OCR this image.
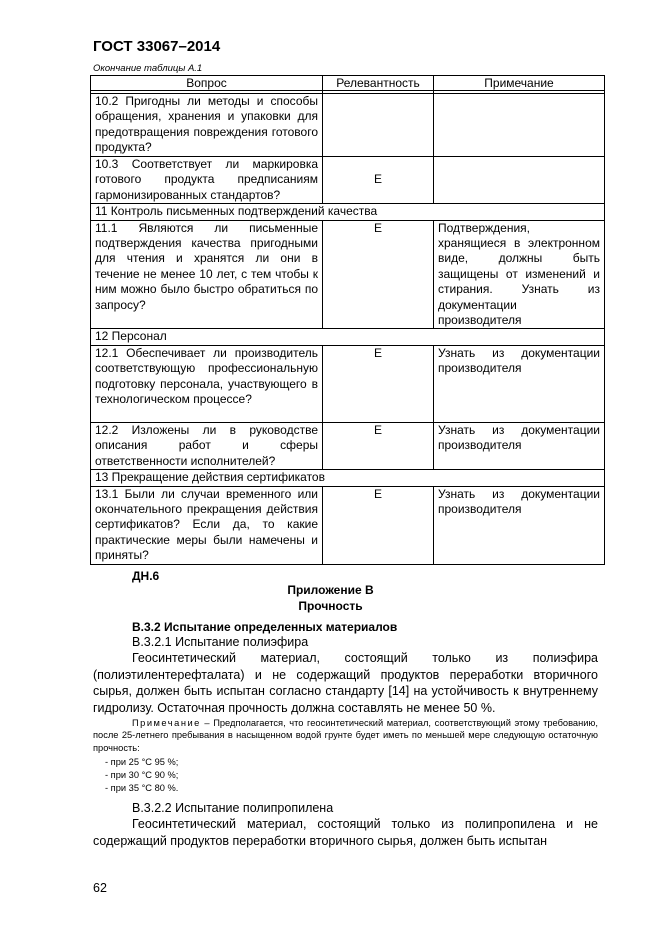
ГОСТ 33067–2014
Окончание таблицы А.1
Вопрос	Релевантность	Примечание

10.2 Пригодны ли методы и способы обращения, хранения и упаковки для предотвращения повреждения готового продукта?		
10.3 Соответствует ли маркировка готового продукта предписаниям гармонизированных стандартов?	E	
11 Контроль письменных подтверждений качества		
11.1 Являются ли письменные подтверждения качества пригодными для чтения и хранятся ли они в течение не менее 10 лет, с тем чтобы к ним можно было быстро обратиться по запросу?	E	Подтверждения, хранящиеся в электронном виде, должны быть защищены от изменений и стирания. Узнать из документации производителя
12 Персонал		
12.1 Обеспечивает ли производитель соответствующую профессиональную подготовку персонала, участвующего в технологическом процессе?	E	Узнать из документации производителя
12.2 Изложены ли в руководстве описания работ и сферы ответственности исполнителей?	E	Узнать из документации производителя
13 Прекращение действия сертификатов		
13.1 Были ли случаи временного или окончательного прекращения действия сертификатов? Если да, то какие практические меры были намечены и приняты?	E	Узнать из документации производителя
ДН.6
Приложение В
Прочность
В.3.2 Испытание определенных материалов
В.3.2.1 Испытание полиэфира
Геосинтетический материал, состоящий только из полиэфира (полиэтилентерефталата) и не содержащий продуктов переработки вторичного сырья, должен быть испытан согласно стандарту [14] на устойчивость к внутреннему гидролизу. Остаточная прочность должна составлять не менее 50 %.
Примечание – Предполагается, что геосинтетический материал, соответствующий этому требованию, после 25-летнего пребывания в насыщенном водой грунте будет иметь по меньшей мере следующую остаточную прочность:
- при 25 °С 95 %;
- при 30 °С 90 %;
- при 35 °С 80 %.
В.3.2.2 Испытание полипропилена
Геосинтетический материал, состоящий только из полипропилена и не содержащий продуктов переработки вторичного сырья, должен быть испытан
62
